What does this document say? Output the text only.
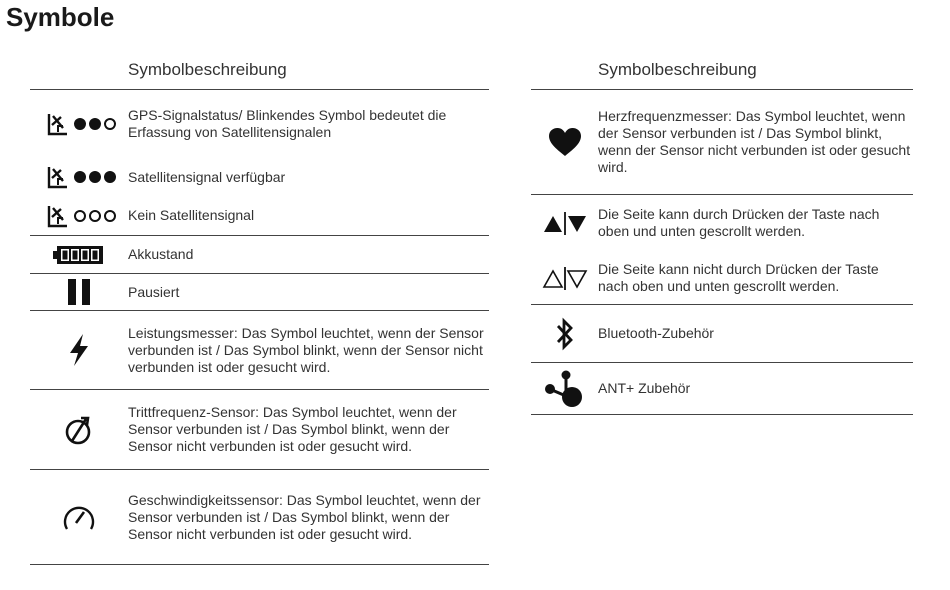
Symbole
Symbolbeschreibung
GPS-Signalstatus/ Blinkendes Symbol bedeutet die Erfassung von Satellitensignalen
Satellitensignal verfügbar
Kein Satellitensignal
Akkustand
Pausiert
Leistungsmesser: Das Symbol leuchtet, wenn der Sensor verbunden ist / Das Symbol blinkt, wenn der Sensor nicht verbunden ist oder gesucht wird.
Trittfrequenz-Sensor: Das Symbol leuchtet, wenn der Sensor verbunden ist / Das Symbol blinkt, wenn der Sensor nicht verbunden ist oder gesucht wird.
Geschwindigkeitssensor: Das Symbol leuchtet, wenn der Sensor verbunden ist / Das Symbol blinkt, wenn der Sensor nicht verbunden ist oder gesucht wird.
Symbolbeschreibung
Herzfrequenzmesser: Das Symbol leuchtet, wenn der Sensor verbunden ist / Das Symbol blinkt, wenn der Sensor nicht verbunden ist oder gesucht wird.
Die Seite kann durch Drücken der Taste nach oben und unten gescrollt werden.
Die Seite kann nicht durch Drücken der Taste nach oben und unten gescrollt werden.
Bluetooth-Zubehör
ANT+ Zubehör
